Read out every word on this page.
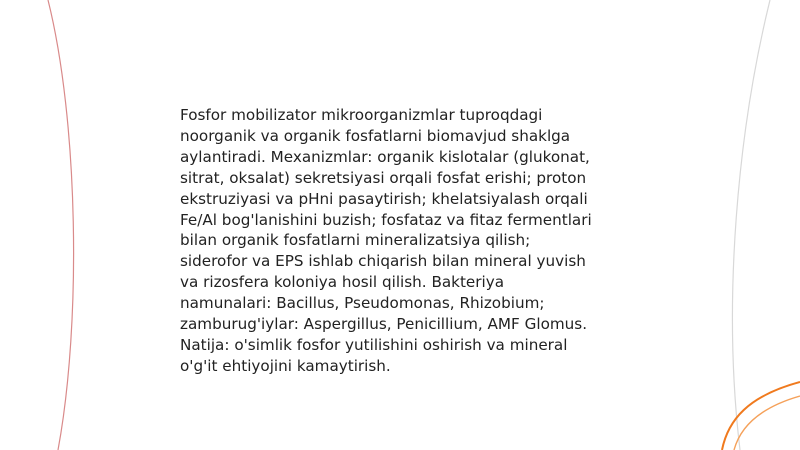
Fosfor mobilizator mikroorganizmlar tuproqdagi
noorganik va organik fosfatlarni biomavjud shaklga
aylantiradi. Mexanizmlar: organik kislotalar (glukonat,
sitrat, oksalat) sekretsiyasi orqali fosfat erishi; proton
ekstruziyasi va pHni pasaytirish; khelatsiyalash orqali
Fe/Al bog'lanishini buzish; fosfataz va fitaz fermentlari
bilan organik fosfatlarni mineralizatsiya qilish;
siderofor va EPS ishlab chiqarish bilan mineral yuvish
va rizosfera koloniya hosil qilish. Bakteriya
namunalari: Bacillus, Pseudomonas, Rhizobium;
zamburug'iylar: Aspergillus, Penicillium, AMF Glomus.
Natija: o'simlik fosfor yutilishini oshirish va mineral
o'g'it ehtiyojini kamaytirish.
